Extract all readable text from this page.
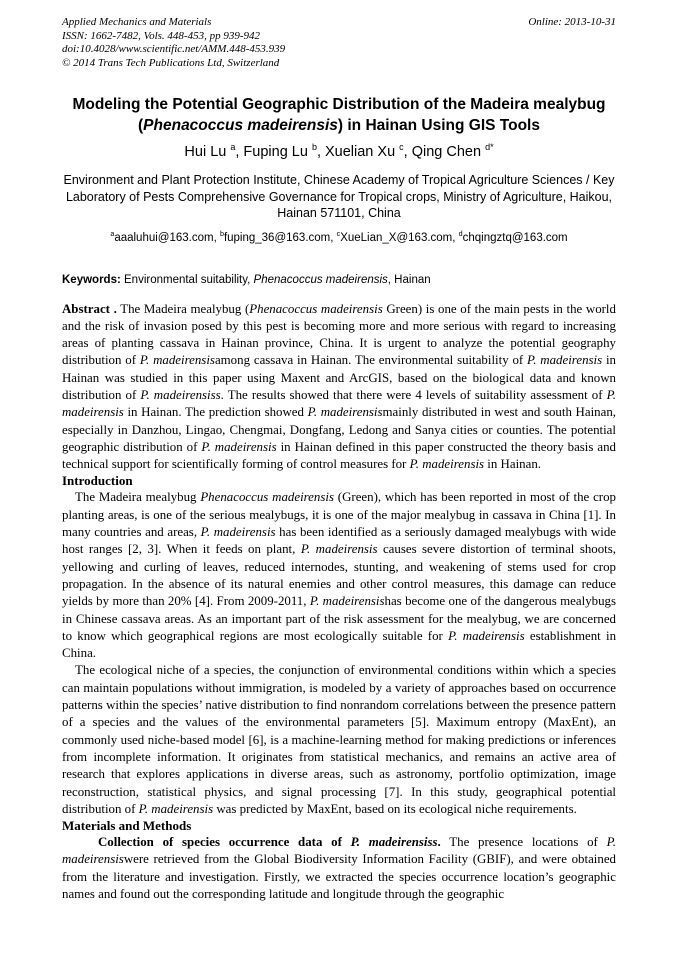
Applied Mechanics and Materials
ISSN: 1662-7482, Vols. 448-453, pp 939-942
doi:10.4028/www.scientific.net/AMM.448-453.939
© 2014 Trans Tech Publications Ltd, Switzerland
Online: 2013-10-31
Modeling the Potential Geographic Distribution of the Madeira mealybug (Phenacoccus madeirensis) in Hainan Using GIS Tools
Hui Lu $^a$, Fuping Lu $^b$, Xuelian Xu $^c$, Qing Chen $^{d*}$
Environment and Plant Protection Institute, Chinese Academy of Tropical Agriculture Sciences / Key Laboratory of Pests Comprehensive Governance for Tropical crops, Ministry of Agriculture, Haikou, Hainan 571101, China
$^a$aaaluhui@163.com, $^b$fuping_36@163.com, $^c$XueLian_X@163.com, $^d$chqingztq@163.com
Keywords: Environmental suitability, Phenacoccus madeirensis, Hainan

Abstract . The Madeira mealybug (Phenacoccus madeirensis Green) is one of the main pests in the world and the risk of invasion posed by this pest is becoming more and more serious with regard to increasing areas of planting cassava in Hainan province, China. It is urgent to analyze the potential geography distribution of P. madeirensisamong cassava in Hainan. The environmental suitability of P. madeirensis in Hainan was studied in this paper using Maxent and ArcGIS, based on the biological data and known distribution of P. madeirensiss. The results showed that there were 4 levels of suitability assessment of P. madeirensis in Hainan. The prediction showed P. madeirensismainly distributed in west and south Hainan, especially in Danzhou, Lingao, Chengmai, Dongfang, Ledong and Sanya cities or counties. The potential geographic distribution of P. madeirensis in Hainan defined in this paper constructed the theory basis and technical support for scientifically forming of control measures for P. madeirensis in Hainan.

Introduction

The Madeira mealybug Phenacoccus madeirensis (Green), which has been reported in most of the crop planting areas, is one of the serious mealybugs, it is one of the major mealybug in cassava in China [1]. In many countries and areas, P. madeirensis has been identified as a seriously damaged mealybugs with wide host ranges [2, 3]. When it feeds on plant, P. madeirensis causes severe distortion of terminal shoots, yellowing and curling of leaves, reduced internodes, stunting, and weakening of stems used for crop propagation. In the absence of its natural enemies and other control measures, this damage can reduce yields by more than 20% [4]. From 2009-2011, P. madeirensishas become one of the dangerous mealybugs in Chinese cassava areas. As an important part of the risk assessment for the mealybug, we are concerned to know which geographical regions are most ecologically suitable for P. madeirensis establishment in China.

The ecological niche of a species, the conjunction of environmental conditions within which a species can maintain populations without immigration, is modeled by a variety of approaches based on occurrence patterns within the species’ native distribution to find nonrandom correlations between the presence pattern of a species and the values of the environmental parameters [5]. Maximum entropy (MaxEnt), an commonly used niche-based model [6], is a machine-learning method for making predictions or inferences from incomplete information. It originates from statistical mechanics, and remains an active area of research that explores applications in diverse areas, such as astronomy, portfolio optimization, image reconstruction, statistical physics, and signal processing [7]. In this study, geographical potential distribution of P. madeirensis was predicted by MaxEnt, based on its ecological niche requirements.

Materials and Methods

Collection of species occurrence data of P. madeirensiss. The presence locations of P. madeirensiswere retrieved from the Global Biodiversity Information Facility (GBIF), and were obtained from the literature and investigation. Firstly, we extracted the species occurrence location’s geographic names and found out the corresponding latitude and longitude through the geographic
